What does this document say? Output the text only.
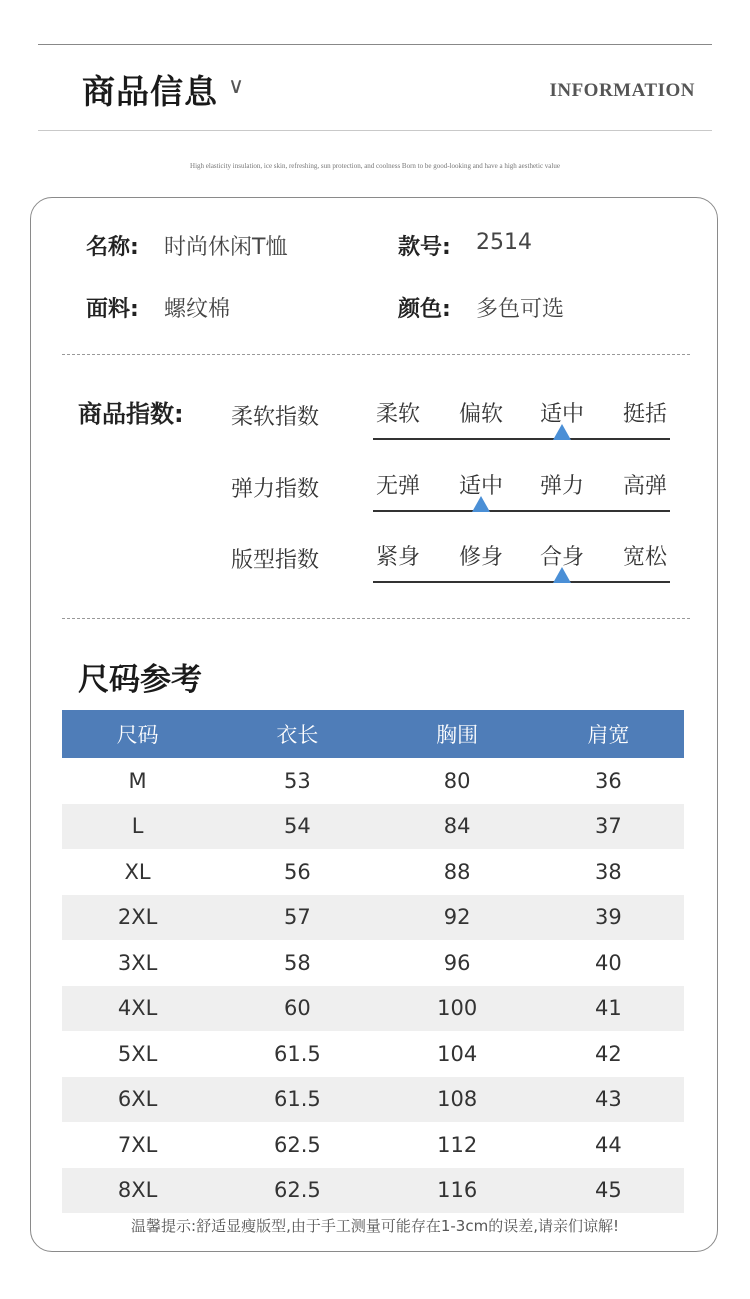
商品信息 ∨	INFORMATION
High elasticity insulation, ice skin, refreshing, sun protection, and coolness Born to be good-looking and have a high aesthetic value
名称: 时尚休闲T恤	款号: 2514
面料: 螺纹棉	颜色: 多色可选
商品指数: 柔软指数	柔软	偏软	适中	挺括
弹力指数	无弹	适中	弹力	高弹
版型指数	紧身	修身	合身	宽松
尺码参考
尺码	衣长	胸围	肩宽
M	53	80	36
L	54	84	37
XL	56	88	38
2XL	57	92	39
3XL	58	96	40
4XL	60	100	41
5XL	61.5	104	42
6XL	61.5	108	43
7XL	62.5	112	44
8XL	62.5	116	45
温馨提示:舒适显瘦版型,由于手工测量可能存在1-3cm的误差,请亲们谅解!
